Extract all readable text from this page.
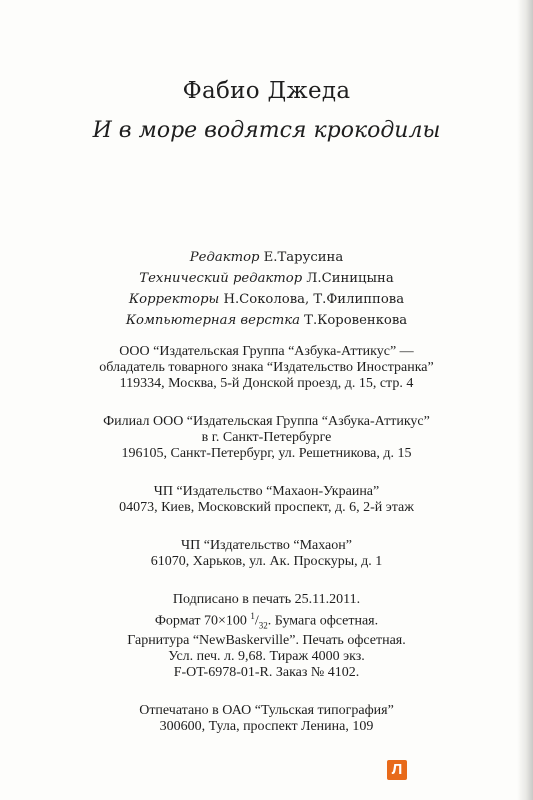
Фабио Джеда
И в море водятся крокодилы
Редактор Е.Тарусина
Технический редактор Л.Синицына
Корректоры Н.Соколова, Т.Филиппова
Компьютерная верстка Т.Коровенкова
ООО “Издательская Группа “Азбука-Аттикус” —
обладатель товарного знака “Издательство Иностранка”
119334, Москва, 5-й Донской проезд, д. 15, стр. 4
Филиал ООО “Издательская Группа “Азбука-Аттикус”
в г. Санкт-Петербурге
196105, Санкт-Петербург, ул. Решетникова, д. 15
ЧП “Издательство “Махаон-Украина”
04073, Киев, Московский проспект, д. 6, 2-й этаж
ЧП “Издательство “Махаон”
61070, Харьков, ул. Ак. Проскуры, д. 1
Подписано в печать 25.11.2011.
Формат 70×100 $^1/_{32}$. Бумага офсетная.
Гарнитура “NewBaskerville”. Печать офсетная.
Усл. печ. л. 9,68. Тираж 4000 экз.
F-OT-6978-01-R. Заказ № 4102.
Отпечатано в ОАО “Тульская типография”
300600, Тула, проспект Ленина, 109
Л
